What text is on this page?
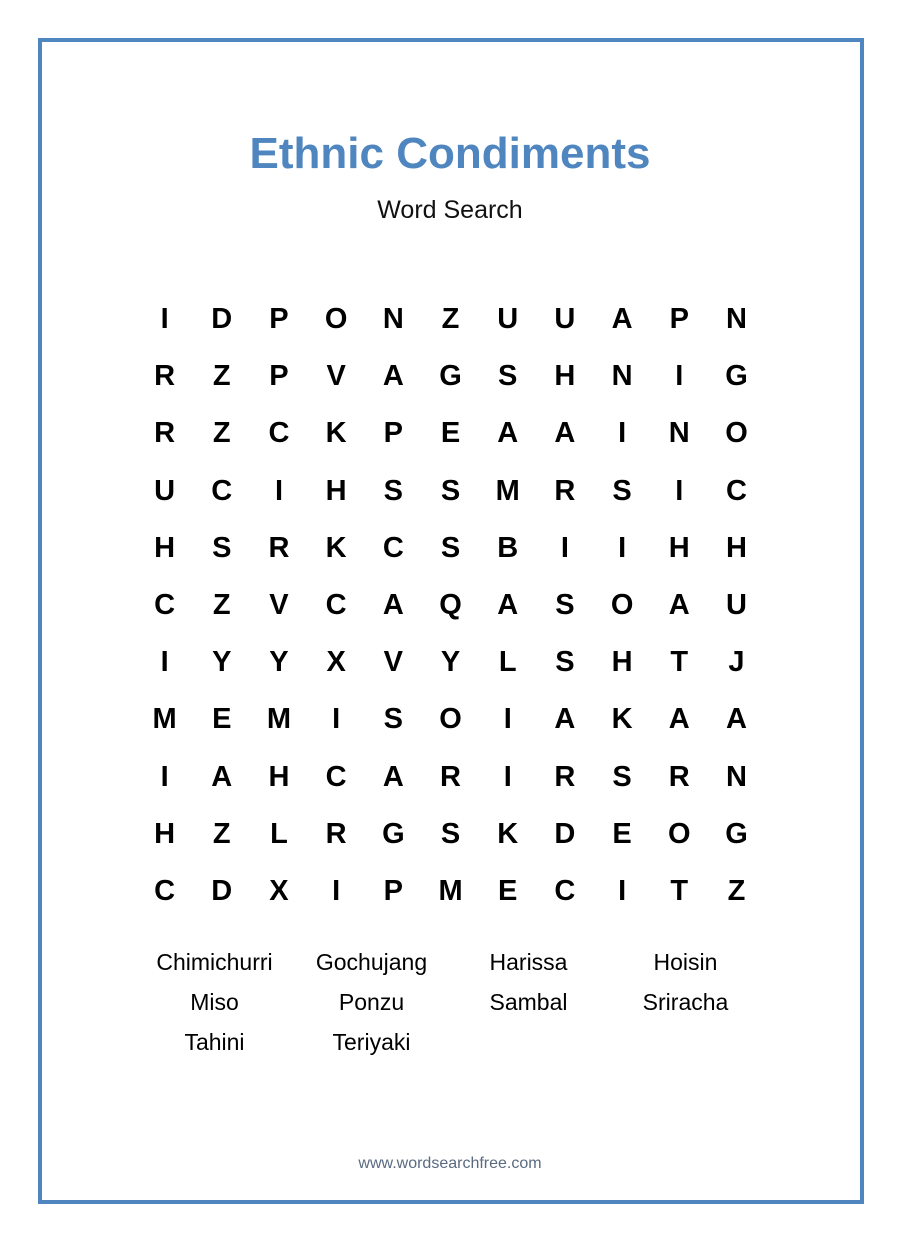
Ethnic Condiments
Word Search
I	D	P	O	N	Z	U	U	A	P	N
R	Z	P	V	A	G	S	H	N	I	G
R	Z	C	K	P	E	A	A	I	N	O
U	C	I	H	S	S	M	R	S	I	C
H	S	R	K	C	S	B	I	I	H	H
C	Z	V	C	A	Q	A	S	O	A	U
I	Y	Y	X	V	Y	L	S	H	T	J
M	E	M	I	S	O	I	A	K	A	A
I	A	H	C	A	R	I	R	S	R	N
H	Z	L	R	G	S	K	D	E	O	G
C	D	X	I	P	M	E	C	I	T	Z
Chimichurri	Gochujang	Harissa	Hoisin
Miso	Ponzu	Sambal	Sriracha
Tahini	Teriyaki
www.wordsearchfree.com
